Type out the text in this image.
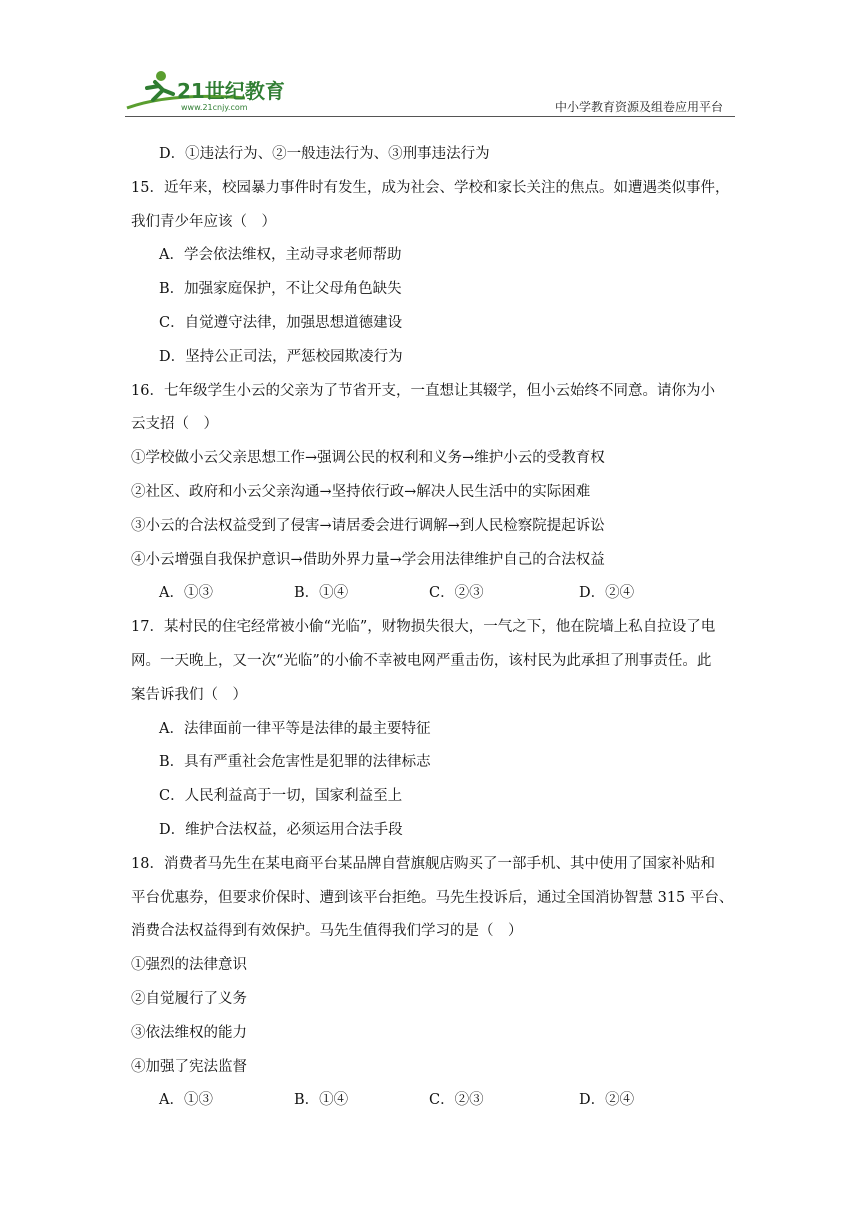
21世纪教育
www.21cnjy.com	中小学教育资源及组卷应用平台
D．①违法行为、②一般违法行为、③刑事违法行为
15．近年来，校园暴力事件时有发生，成为社会、学校和家长关注的焦点。如遭遇类似事件，
我们青少年应该（　）
A．学会依法维权，主动寻求老师帮助
B．加强家庭保护，不让父母角色缺失
C．自觉遵守法律，加强思想道德建设
D．坚持公正司法，严惩校园欺凌行为
16．七年级学生小云的父亲为了节省开支，一直想让其辍学，但小云始终不同意。请你为小
云支招（　）
①学校做小云父亲思想工作→强调公民的权利和义务→维护小云的受教育权
②社区、政府和小云父亲沟通→坚持依行政→解决人民生活中的实际困难
③小云的合法权益受到了侵害→请居委会进行调解→到人民检察院提起诉讼
④小云增强自我保护意识→借助外界力量→学会用法律维护自己的合法权益
A．①③	B．①④	C．②③	D．②④
17．某村民的住宅经常被小偷“光临”，财物损失很大，一气之下，他在院墙上私自拉设了电
网。一天晚上，又一次“光临”的小偷不幸被电网严重击伤，该村民为此承担了刑事责任。此
案告诉我们（　）
A．法律面前一律平等是法律的最主要特征
B．具有严重社会危害性是犯罪的法律标志
C．人民利益高于一切，国家利益至上
D．维护合法权益，必须运用合法手段
18．消费者马先生在某电商平台某品牌自营旗舰店购买了一部手机、其中使用了国家补贴和
平台优惠券，但要求价保时、遭到该平台拒绝。马先生投诉后，通过全国消协智慧 315 平台、
消费合法权益得到有效保护。马先生值得我们学习的是（　）
①强烈的法律意识
②自觉履行了义务
③依法维权的能力
④加强了宪法监督
A．①③	B．①④	C．②③	D．②④
